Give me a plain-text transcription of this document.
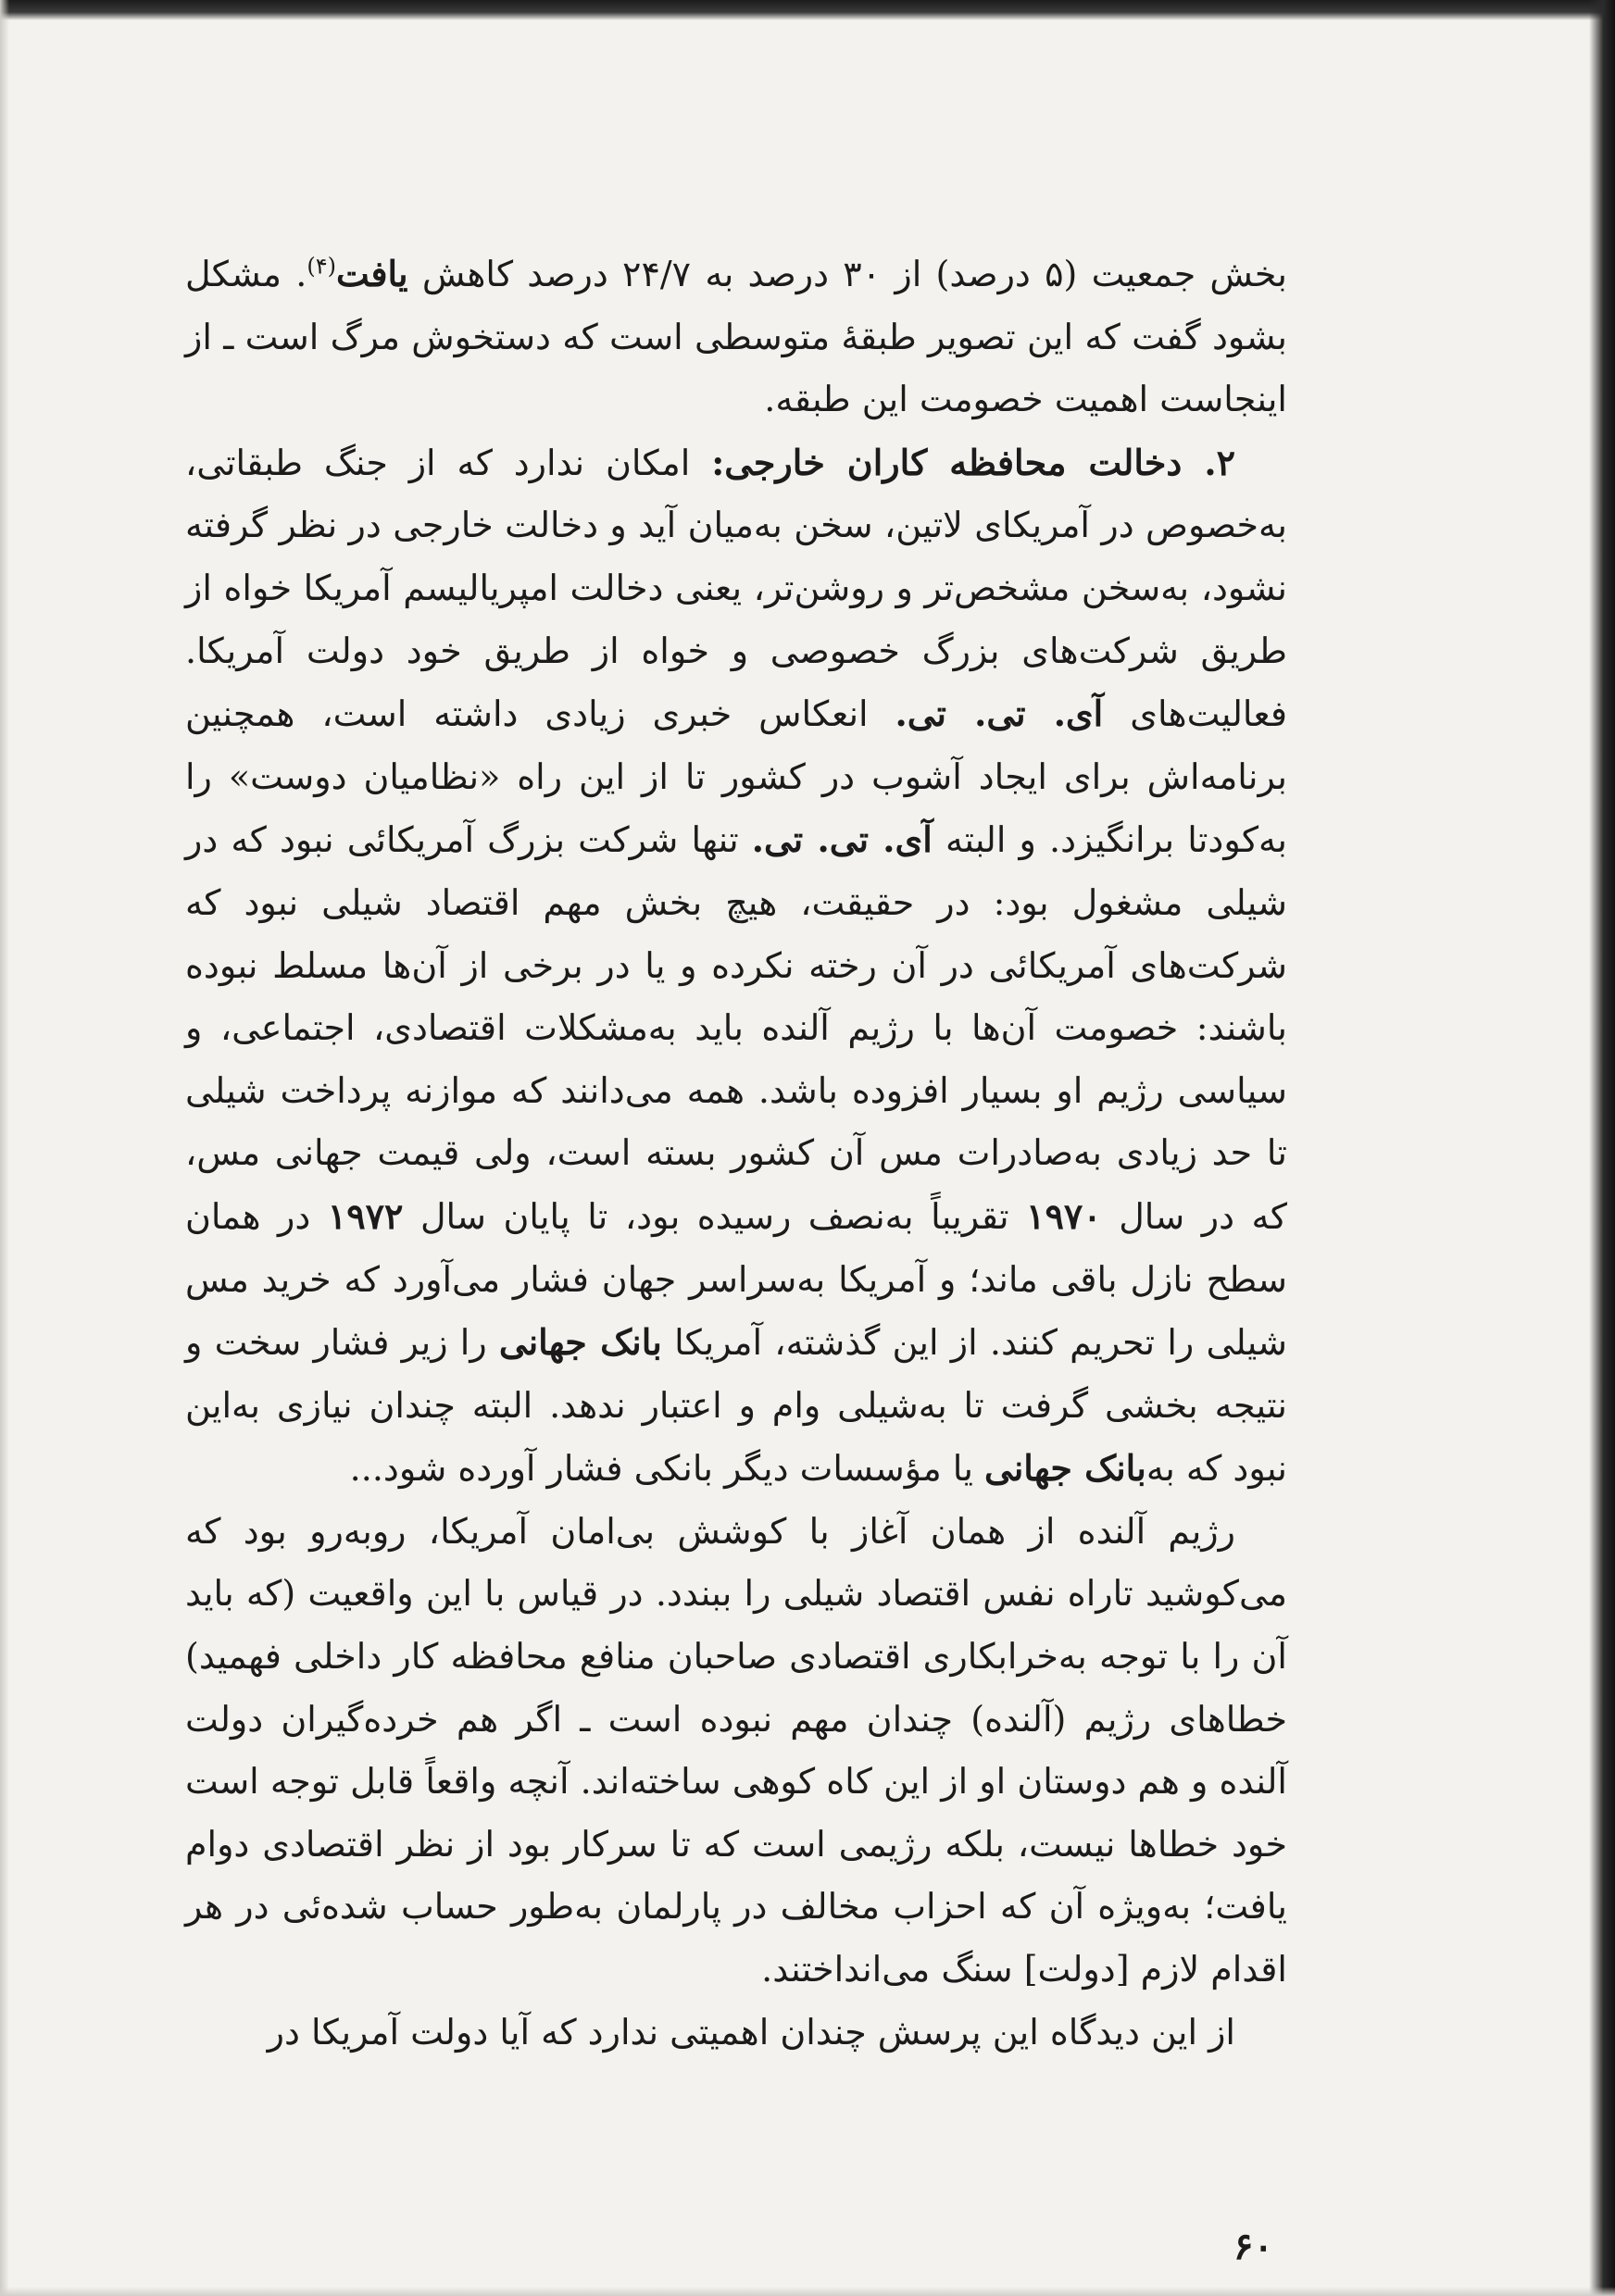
بخش جمعیت (۵ درصد) از ۳۰ درصد به ۲۴/۷ درصد کاهش یافت$^{(۴)}$. مشکل بشود گفت که این تصویر طبقهٔ متوسطی است که دستخوش مرگ است ـ از اینجاست اهمیت خصومت این طبقه.

۲. دخالت محافظه کاران خارجی: امکان ندارد که از جنگ طبقاتی، به‌خصوص در آمریکای لاتین، سخن به‌میان آید و دخالت خارجی در نظر گرفته نشود، به‌سخن مشخص‌تر و روشن‌تر، یعنی دخالت امپریالیسم آمریکا خواه از طریق شرکت‌های بزرگ خصوصی و خواه از طریق خود دولت آمریکا. فعالیت‌های آی. تی. تی. انعکاس خبری زیادی داشته است، همچنین برنامه‌اش برای ایجاد آشوب در کشور تا از این راه «نظامیان دوست» را به‌کودتا برانگیزد. و البته آی. تی. تی. تنها شرکت بزرگ آمریکائی نبود که در شیلی مشغول بود: در حقیقت، هیچ بخش مهم اقتصاد شیلی نبود که شرکت‌های آمریکائی در آن رخته نکرده و یا در برخی از آن‌ها مسلط نبوده باشند: خصومت آن‌ها با رژیم آلنده باید به‌مشکلات اقتصادی، اجتماعی، و سیاسی رژیم او بسیار افزوده باشد. همه می‌دانند که موازنه پرداخت شیلی تا حد زیادی به‌صادرات مس آن کشور بسته است، ولی قیمت جهانی مس، که در سال ۱۹۷۰ تقریباً به‌نصف رسیده بود، تا پایان سال ۱۹۷۲ در همان سطح نازل باقی ماند؛ و آمریکا به‌سراسر جهان فشار می‌آورد که خرید مس شیلی را تحریم کنند. از این گذشته، آمریکا بانک جهانی را زیر فشار سخت و نتیجه بخشی گرفت تا به‌شیلی وام و اعتبار ندهد. البته چندان نیازی به‌این نبود که به‌بانک جهانی یا مؤسسات دیگر بانکی فشار آورده شود...

رژیم آلنده از همان آغاز با کوشش بی‌امان آمریکا، روبه‌رو بود که می‌کوشید تاراه نفس اقتصاد شیلی را ببندد. در قیاس با این واقعیت (که باید آن را با توجه به‌خرابکاری اقتصادی صاحبان منافع محافظه کار داخلی فهمید) خطاهای رژیم (آلنده) چندان مهم نبوده است ـ اگر هم خرده‌گیران دولت آلنده و هم دوستان او از این کاه کوهی ساخته‌اند. آنچه واقعاً قابل توجه است خود خطاها نیست، بلکه رژیمی است که تا سرکار بود از نظر اقتصادی دوام یافت؛ به‌ویژه آن که احزاب مخالف در پارلمان به‌طور حساب شده‌ئی در هر اقدام لازم [دولت] سنگ می‌انداختند.

از این دیدگاه این پرسش چندان اهمیتی ندارد که آیا دولت آمریکا در

۶۰
